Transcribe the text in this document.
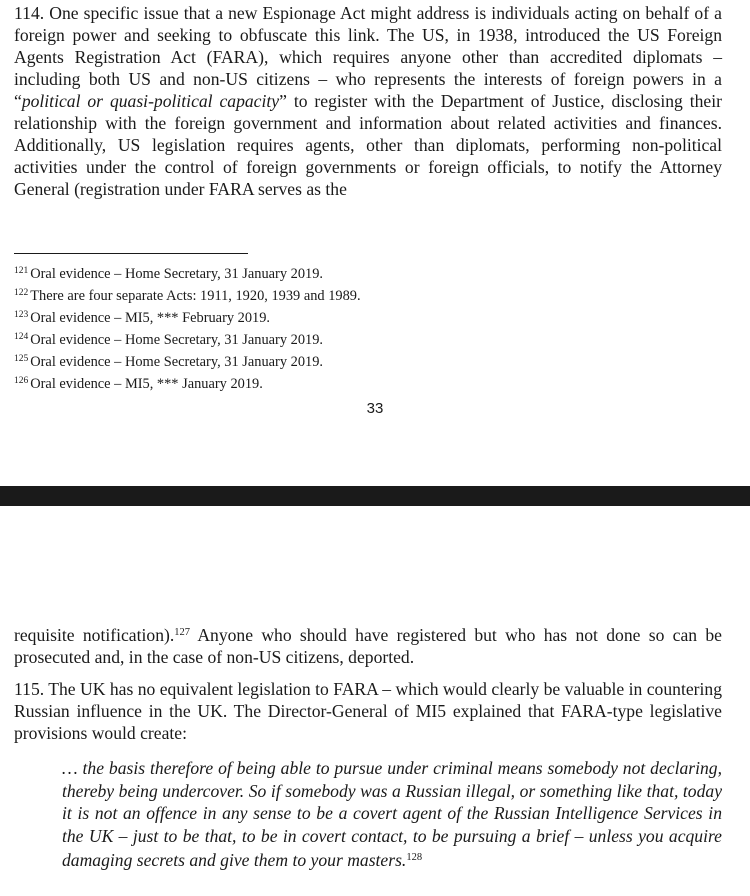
114. One specific issue that a new Espionage Act might address is individuals acting on behalf of a foreign power and seeking to obfuscate this link. The US, in 1938, introduced the US Foreign Agents Registration Act (FARA), which requires anyone other than accredited diplomats – including both US and non-US citizens – who represents the interests of foreign powers in a “political or quasi-political capacity” to register with the Department of Justice, disclosing their relationship with the foreign government and information about related activities and finances. Additionally, US legislation requires agents, other than diplomats, performing non-political activities under the control of foreign governments or foreign officials, to notify the Attorney General (registration under FARA serves as the

$^{121}$ Oral evidence – Home Secretary, 31 January 2019.
$^{122}$ There are four separate Acts: 1911, 1920, 1939 and 1989.
$^{123}$ Oral evidence – MI5, *** February 2019.
$^{124}$ Oral evidence – Home Secretary, 31 January 2019.
$^{125}$ Oral evidence – Home Secretary, 31 January 2019.
$^{126}$ Oral evidence – MI5, *** January 2019.
33

requisite notification).$^{127}$ Anyone who should have registered but who has not done so can be prosecuted and, in the case of non-US citizens, deported.

115. The UK has no equivalent legislation to FARA – which would clearly be valuable in countering Russian influence in the UK. The Director-General of MI5 explained that FARA-type legislative provisions would create:

… the basis therefore of being able to pursue under criminal means somebody not declaring, thereby being undercover. So if somebody was a Russian illegal, or something like that, today it is not an offence in any sense to be a covert agent of the Russian Intelligence Services in the UK – just to be that, to be in covert contact, to be pursuing a brief – unless you acquire damaging secrets and give them to your masters.$^{128}$
